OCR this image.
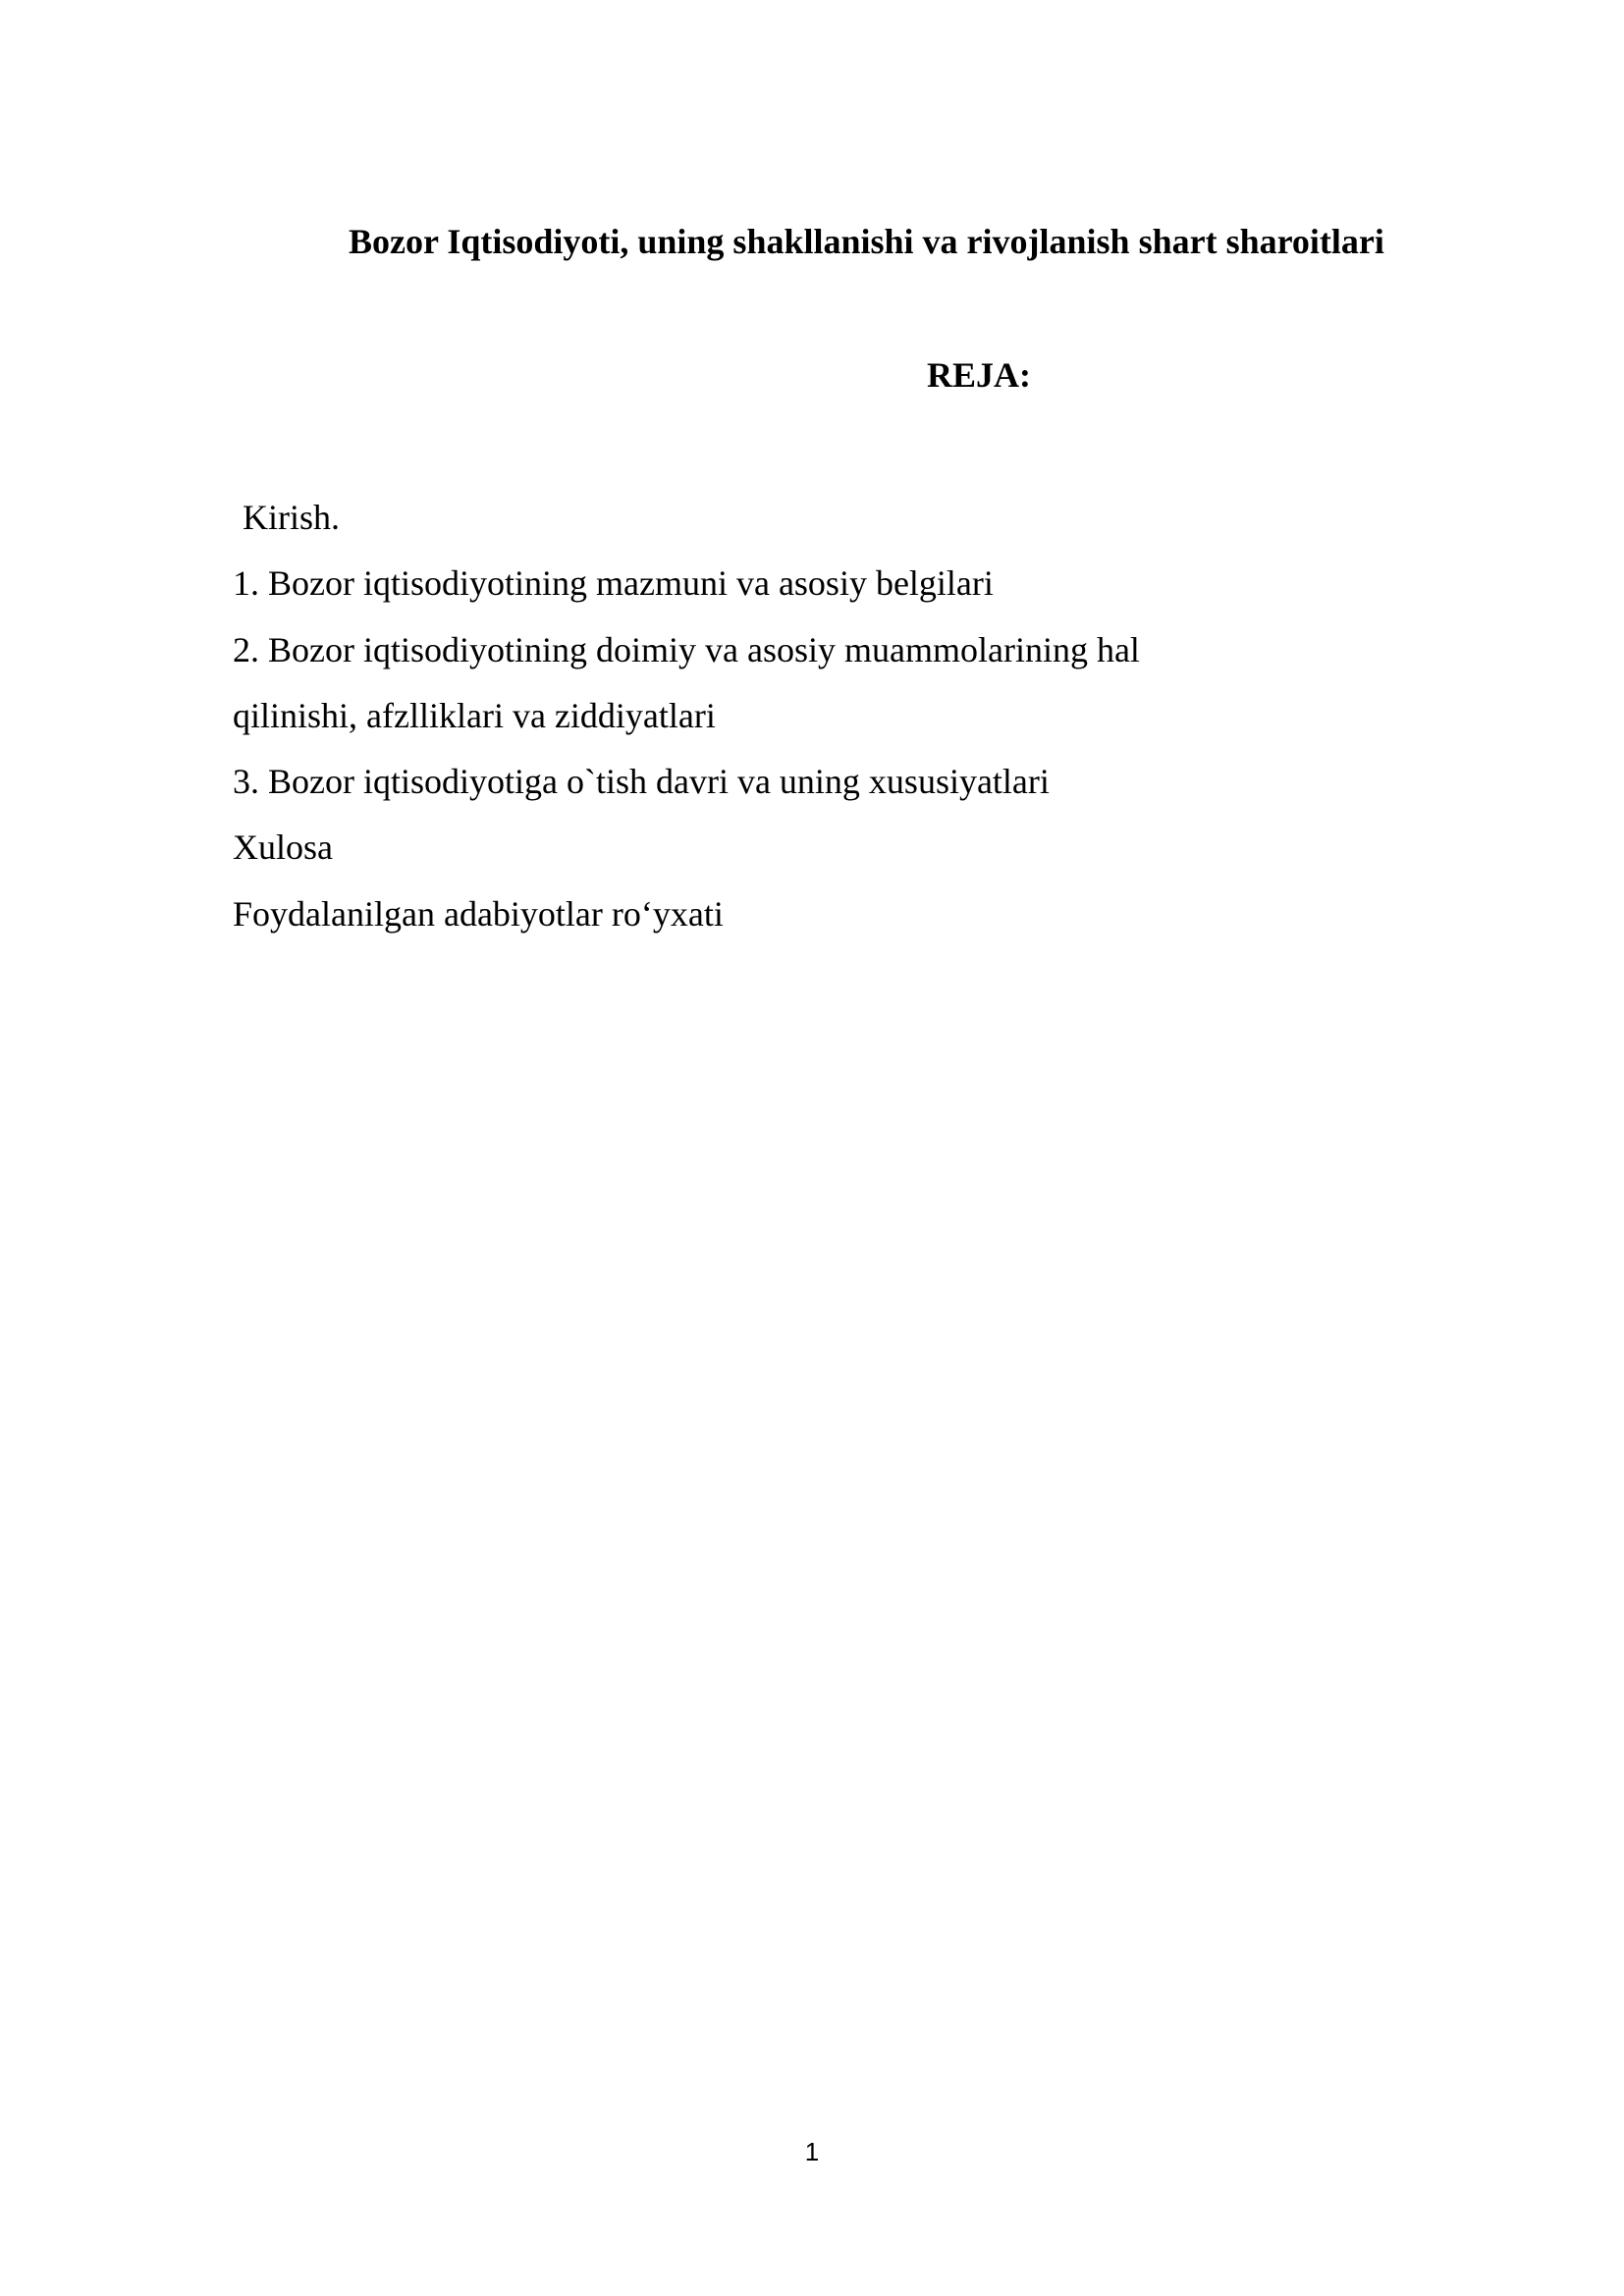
Bozor Iqtisodiyoti, uning shakllanishi va rivojlanish shart sharoitlari
REJA:
Kirish.
1. Bozor iqtisodiyotining mazmuni va asosiy belgilari
2. Bozor iqtisodiyotining doimiy va asosiy muammolarining hal
qilinishi, afzlliklari va ziddiyatlari
3. Bozor iqtisodiyotiga o`tish davri va uning xususiyatlari
Xulosa
Foydalanilgan adabiyotlar ro‘yxati
1
